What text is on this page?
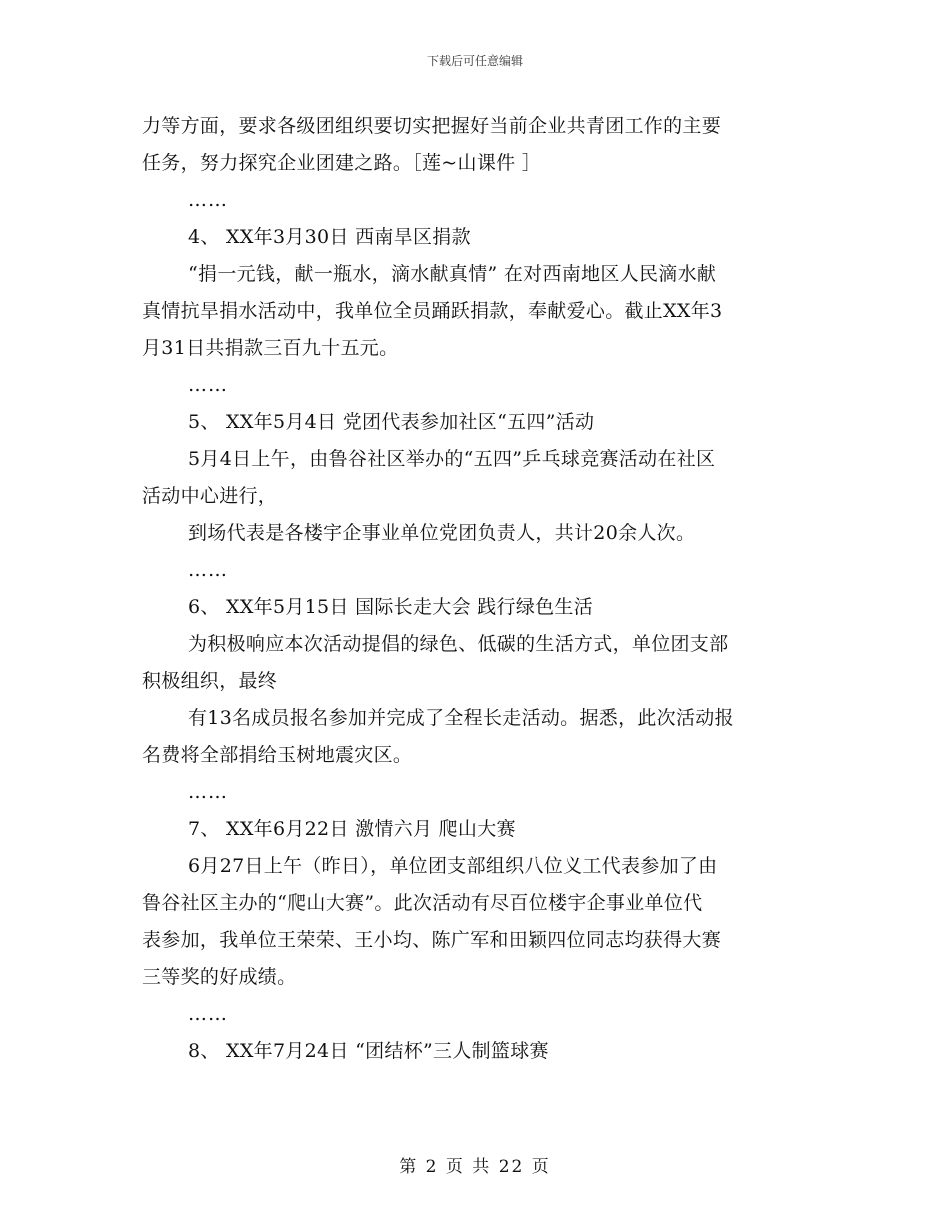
下载后可任意编辑
力等方面，要求各级团组织要切实把握好当前企业共青团工作的主要
任务，努力探究企业团建之路。［莲~山课件 ］
……
4、 XX年3月30日 西南旱区捐款
“捐一元钱，献一瓶水，滴水献真情” 在对西南地区人民滴水献
真情抗旱捐水活动中，我单位全员踊跃捐款，奉献爱心。截止XX年3
月31日共捐款三百九十五元。
……
5、 XX年5月4日 党团代表参加社区“五四”活动
5月4日上午，由鲁谷社区举办的“五四”乒乓球竞赛活动在社区
活动中心进行，
到场代表是各楼宇企事业单位党团负责人，共计20余人次。
……
6、 XX年5月15日 国际长走大会 践行绿色生活
为积极响应本次活动提倡的绿色、低碳的生活方式，单位团支部
积极组织，最终
有13名成员报名参加并完成了全程长走活动。据悉，此次活动报
名费将全部捐给玉树地震灾区。
……
7、 XX年6月22日 激情六月 爬山大赛
6月27日上午（昨日），单位团支部组织八位义工代表参加了由
鲁谷社区主办的“爬山大赛”。此次活动有尽百位楼宇企事业单位代
表参加，我单位王荣荣、王小均、陈广军和田颖四位同志均获得大赛
三等奖的好成绩。
……
8、 XX年7月24日 “团结杯”三人制篮球赛
第 2 页 共 22 页
